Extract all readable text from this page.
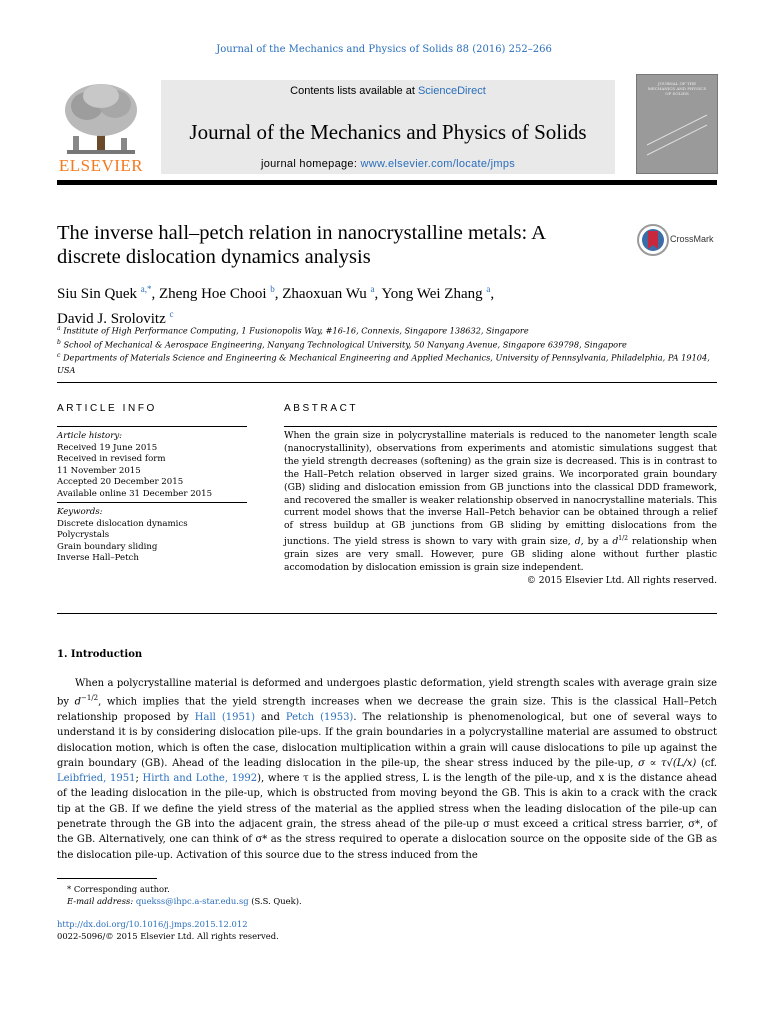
Journal of the Mechanics and Physics of Solids 88 (2016) 252–266
ELSEVIER
Contents lists available at ScienceDirect
Journal of the Mechanics and Physics of Solids
journal homepage: www.elsevier.com/locate/jmps
JOURNAL OF THE MECHANICS AND PHYSICS OF SOLIDS
The inverse hall–petch relation in nanocrystalline metals: A discrete dislocation dynamics analysis
CrossMark
Siu Sin Quek $^{a,*}$, Zheng Hoe Chooi $^b$, Zhaoxuan Wu $^a$, Yong Wei Zhang $^a$,
David J. Srolovitz $^c$
$^a$ Institute of High Performance Computing, 1 Fusionopolis Way, #16-16, Connexis, Singapore 138632, Singapore
$^b$ School of Mechanical & Aerospace Engineering, Nanyang Technological University, 50 Nanyang Avenue, Singapore 639798, Singapore
$^c$ Departments of Materials Science and Engineering & Mechanical Engineering and Applied Mechanics, University of Pennsylvania, Philadelphia, PA 19104, USA
ARTICLE INFO	ABSTRACT
Article history:
Received 19 June 2015
Received in revised form
11 November 2015
Accepted 20 December 2015
Available online 31 December 2015
Keywords:
Discrete dislocation dynamics
Polycrystals
Grain boundary sliding
Inverse Hall–Petch
When the grain size in polycrystalline materials is reduced to the nanometer length scale (nanocrystallinity), observations from experiments and atomistic simulations suggest that the yield strength decreases (softening) as the grain size is decreased. This is in contrast to the Hall–Petch relation observed in larger sized grains. We incorporated grain boundary (GB) sliding and dislocation emission from GB junctions into the classical DDD framework, and recovered the smaller is weaker relationship observed in nanocrystalline materials. This current model shows that the inverse Hall–Petch behavior can be obtained through a relief of stress buildup at GB junctions from GB sliding by emitting dislocations from the junctions. The yield stress is shown to vary with grain size, d, by a $d^{1/2}$ relationship when grain sizes are very small. However, pure GB sliding alone without further plastic accomodation by dislocation emission is grain size independent.
© 2015 Elsevier Ltd. All rights reserved.
1. Introduction

When a polycrystalline material is deformed and undergoes plastic deformation, yield strength scales with average grain size by $d^{-1/2}$, which implies that the yield strength increases when we decrease the grain size. This is the classical Hall–Petch relationship proposed by Hall (1951) and Petch (1953). The relationship is phenomenological, but one of several ways to understand it is by considering dislocation pile-ups. If the grain boundaries in a polycrystalline material are assumed to obstruct dislocation motion, which is often the case, dislocation multiplication within a grain will cause dislocations to pile up against the grain boundary (GB). Ahead of the leading dislocation in the pile-up, the shear stress induced by the pile-up, σ ∝ τ√(L/x) (cf. Leibfried, 1951; Hirth and Lothe, 1992), where τ is the applied stress, L is the length of the pile-up, and x is the distance ahead of the leading dislocation in the pile-up, which is obstructed from moving beyond the GB. This is akin to a crack with the crack tip at the GB. If we define the yield stress of the material as the applied stress when the leading dislocation of the pile-up can penetrate through the GB into the adjacent grain, the stress ahead of the pile-up σ must exceed a critical stress barrier, σ*, of the GB. Alternatively, one can think of σ* as the stress required to operate a dislocation source on the opposite side of the GB as the dislocation pile-up. Activation of this source due to the stress induced from the

* Corresponding author.
E-mail address: quekss@ihpc.a-star.edu.sg (S.S. Quek).
http://dx.doi.org/10.1016/j.jmps.2015.12.012
0022-5096/© 2015 Elsevier Ltd. All rights reserved.
